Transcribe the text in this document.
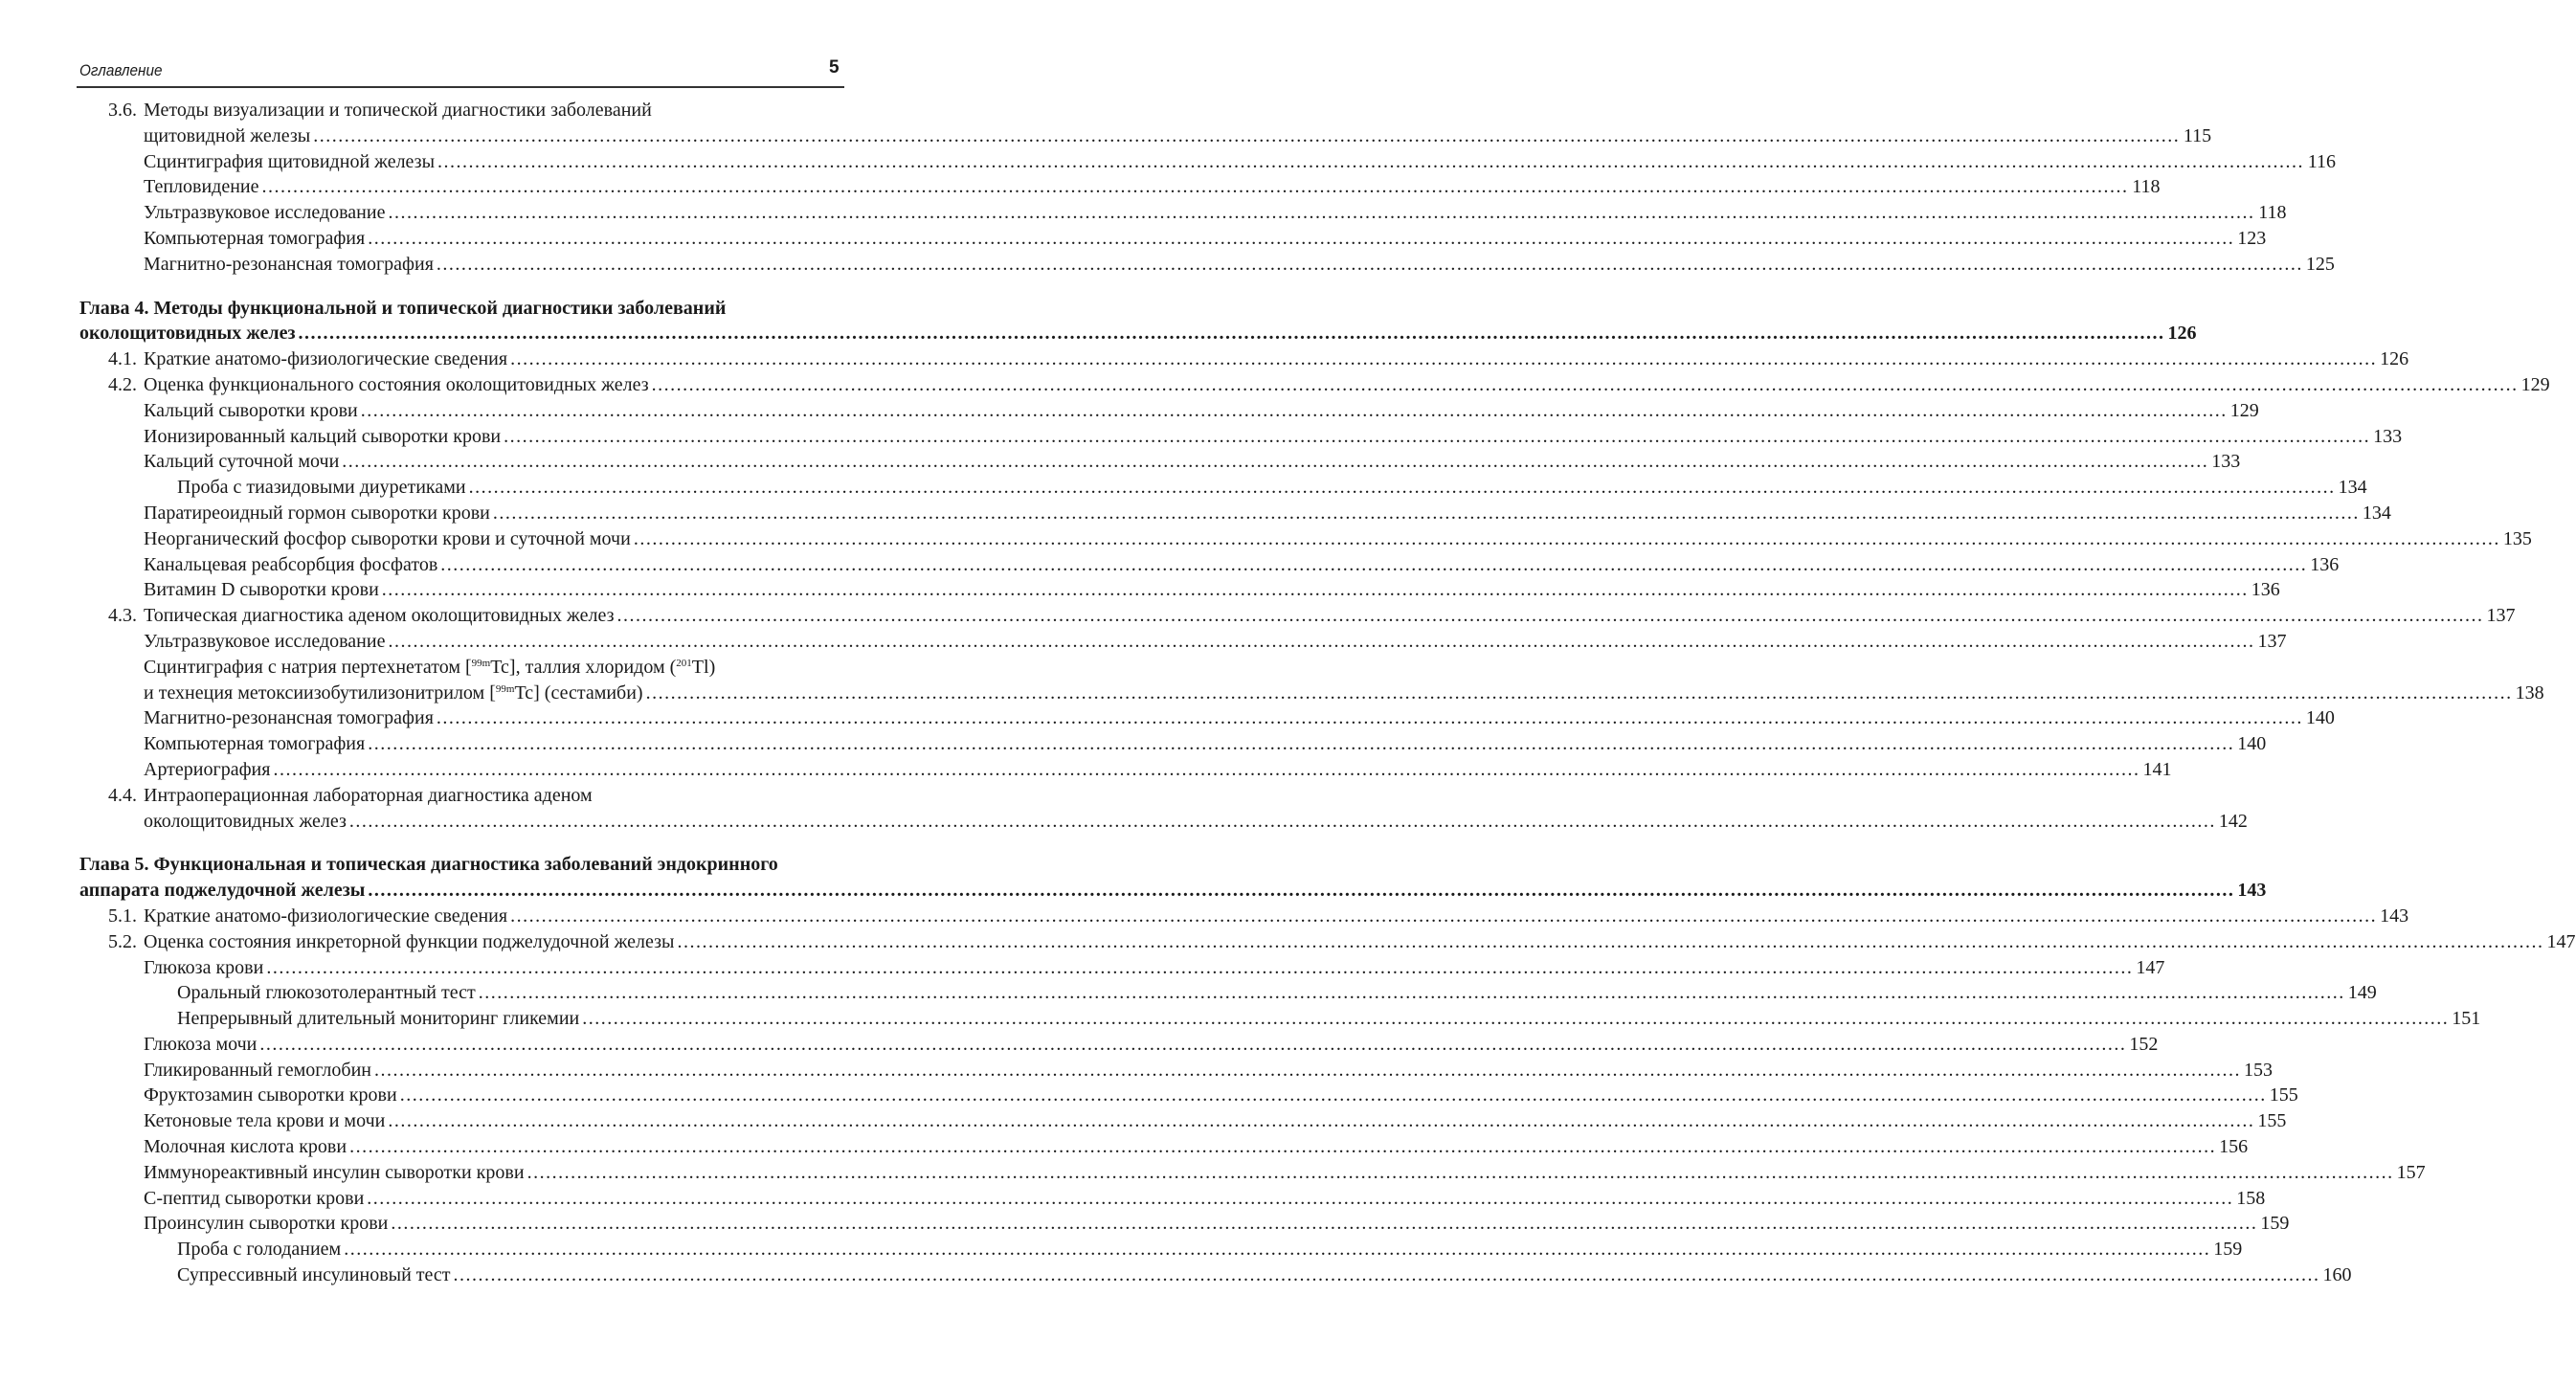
Оглавление	5
3.6. Методы визуализации и топической диагностики заболеваний
щитовидной железы ............................................................................................................................................................................................................................................................................................................ 115
Сцинтиграфия щитовидной железы ............................................................................................................................................................................................................................................................................................................ 116
Тепловидение ............................................................................................................................................................................................................................................................................................................ 118
Ультразвуковое исследование ............................................................................................................................................................................................................................................................................................................ 118
Компьютерная томография ............................................................................................................................................................................................................................................................................................................ 123
Магнитно-резонансная томография ............................................................................................................................................................................................................................................................................................................ 125
Глава 4. Методы функциональной и топической диагностики заболеваний
околощитовидных желез ............................................................................................................................................................................................................................................................................................................ 126
4.1. Краткие анатомо-физиологические сведения ............................................................................................................................................................................................................................................................................................................ 126
4.2. Оценка функционального состояния околощитовидных желез ............................................................................................................................................................................................................................................................................................................ 129
Кальций сыворотки крови ............................................................................................................................................................................................................................................................................................................ 129
Ионизированный кальций сыворотки крови ............................................................................................................................................................................................................................................................................................................ 133
Кальций суточной мочи ............................................................................................................................................................................................................................................................................................................ 133
Проба с тиазидовыми диуретиками ............................................................................................................................................................................................................................................................................................................ 134
Паратиреоидный гормон сыворотки крови ............................................................................................................................................................................................................................................................................................................ 134
Неорганический фосфор сыворотки крови и суточной мочи ............................................................................................................................................................................................................................................................................................................ 135
Канальцевая реабсорбция фосфатов ............................................................................................................................................................................................................................................................................................................ 136
Витамин D сыворотки крови ............................................................................................................................................................................................................................................................................................................ 136
4.3. Топическая диагностика аденом околощитовидных желез ............................................................................................................................................................................................................................................................................................................ 137
Ультразвуковое исследование ............................................................................................................................................................................................................................................................................................................ 137
Сцинтиграфия с натрия пертехнетатом [$^{99m}$Tc], таллия хлоридом ($^{201}$Tl)
и технеция метоксиизобутилизонитрилом [$^{99m}$Tc] (сестамиби) ............................................................................................................................................................................................................................................................................................................ 138
Магнитно-резонансная томография ............................................................................................................................................................................................................................................................................................................ 140
Компьютерная томография ............................................................................................................................................................................................................................................................................................................ 140
Артериография ............................................................................................................................................................................................................................................................................................................ 141
4.4. Интраоперационная лабораторная диагностика аденом
околощитовидных желез ............................................................................................................................................................................................................................................................................................................ 142
Глава 5. Функциональная и топическая диагностика заболеваний эндокринного
аппарата поджелудочной железы ............................................................................................................................................................................................................................................................................................................ 143
5.1. Краткие анатомо-физиологические сведения ............................................................................................................................................................................................................................................................................................................ 143
5.2. Оценка состояния инкреторной функции поджелудочной железы ............................................................................................................................................................................................................................................................................................................ 147
Глюкоза крови ............................................................................................................................................................................................................................................................................................................ 147
Оральный глюкозотолерантный тест ............................................................................................................................................................................................................................................................................................................ 149
Непрерывный длительный мониторинг гликемии ............................................................................................................................................................................................................................................................................................................ 151
Глюкоза мочи ............................................................................................................................................................................................................................................................................................................ 152
Гликированный гемоглобин ............................................................................................................................................................................................................................................................................................................ 153
Фруктозамин сыворотки крови ............................................................................................................................................................................................................................................................................................................ 155
Кетоновые тела крови и мочи ............................................................................................................................................................................................................................................................................................................ 155
Молочная кислота крови ............................................................................................................................................................................................................................................................................................................ 156
Иммунореактивный инсулин сыворотки крови ............................................................................................................................................................................................................................................................................................................ 157
С-пептид сыворотки крови ............................................................................................................................................................................................................................................................................................................ 158
Проинсулин сыворотки крови ............................................................................................................................................................................................................................................................................................................ 159
Проба с голоданием ............................................................................................................................................................................................................................................................................................................ 159
Супрессивный инсулиновый тест ............................................................................................................................................................................................................................................................................................................ 160
